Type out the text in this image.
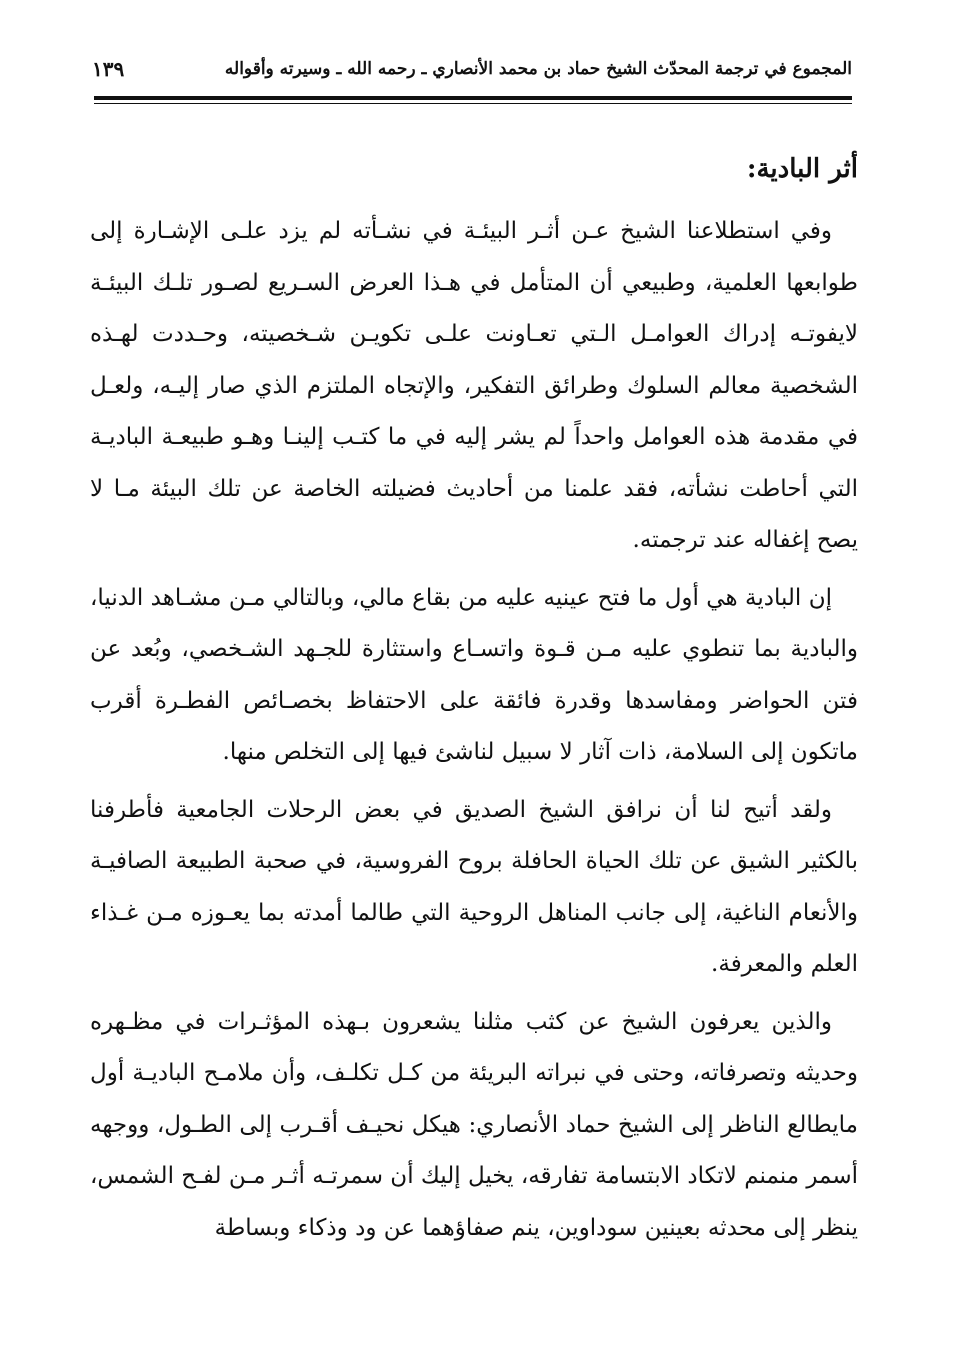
المجموع في ترجمة المحدّث الشيخ حماد بن محمد الأنصاري ـ رحمه الله ـ وسيرته وأقواله
١٣٩
أثر البادية:

وفي استطلاعنا الشيخ عـن أثـر البيئـة في نشـأته لم يزد علـى الإشـارة إلى طوابعها العلمية، وطبيعي أن المتأمل في هـذا العرض السـريع لصـور تلـك البيئـة لايفوتـه إدراك العوامـل الـتي تعـاونت علـى تكويـن شـخصيته، وحـددت لهـذه الشخصية معالم السلوك وطرائق التفكير، والإتجاه الملتزم الذي صار إليـه، ولعـل في مقدمة هذه العوامل واحداً لم يشر إليه في ما كتـب إلينـا وهـو طبيعـة الباديـة التي أحاطت نشأته، فقد علمنا من أحاديث فضيلته الخاصة عن تلك البيئة مـا لا يصح إغفاله عند ترجمته.

إن البادية هي أول ما فتح عينيه عليه من بقاع مالي، وبالتالي مـن مشـاهد الدنيا، والبادية بما تنطوي عليه مـن قـوة واتسـاع واستثارة للجـهد الشـخصي، وبُعد عن فتن الحواضر ومفاسدها وقدرة فائقة على الاحتفاظ بخصـائص الفطـرة أقرب ماتكون إلى السلامة، ذات آثار لا سبيل لناشئ فيها إلى التخلص منها.

ولقد أتيح لنا أن نرافق الشيخ الصديق في بعض الرحلات الجامعية فأطرفنا بالكثير الشيق عن تلك الحياة الحافلة بروح الفروسية، في صحبة الطبيعة الصافيـة والأنعام الناغية، إلى جانب المناهل الروحية التي طالما أمدته بما يعـوزه مـن غـذاء العلم والمعرفة.

والذين يعرفون الشيخ عن كثب مثلنا يشعرون بـهذه المؤثـرات في مظـهره وحديثه وتصرفاته، وحتى في نبراته البريئة من كـل تكلـف، وأن ملامـح الباديـة أول مايطالع الناظر إلى الشيخ حماد الأنصاري: هيكل نحيـف أقـرب إلى الطـول، ووجهه أسمر منمنم لاتكاد الابتسامة تفارقه، يخيل إليك أن سمرتـه أثـر مـن لفـح الشمس، ينظر إلى محدثه بعينين سوداوين، ينم صفاؤهما عن ود وذكاء وبساطة
